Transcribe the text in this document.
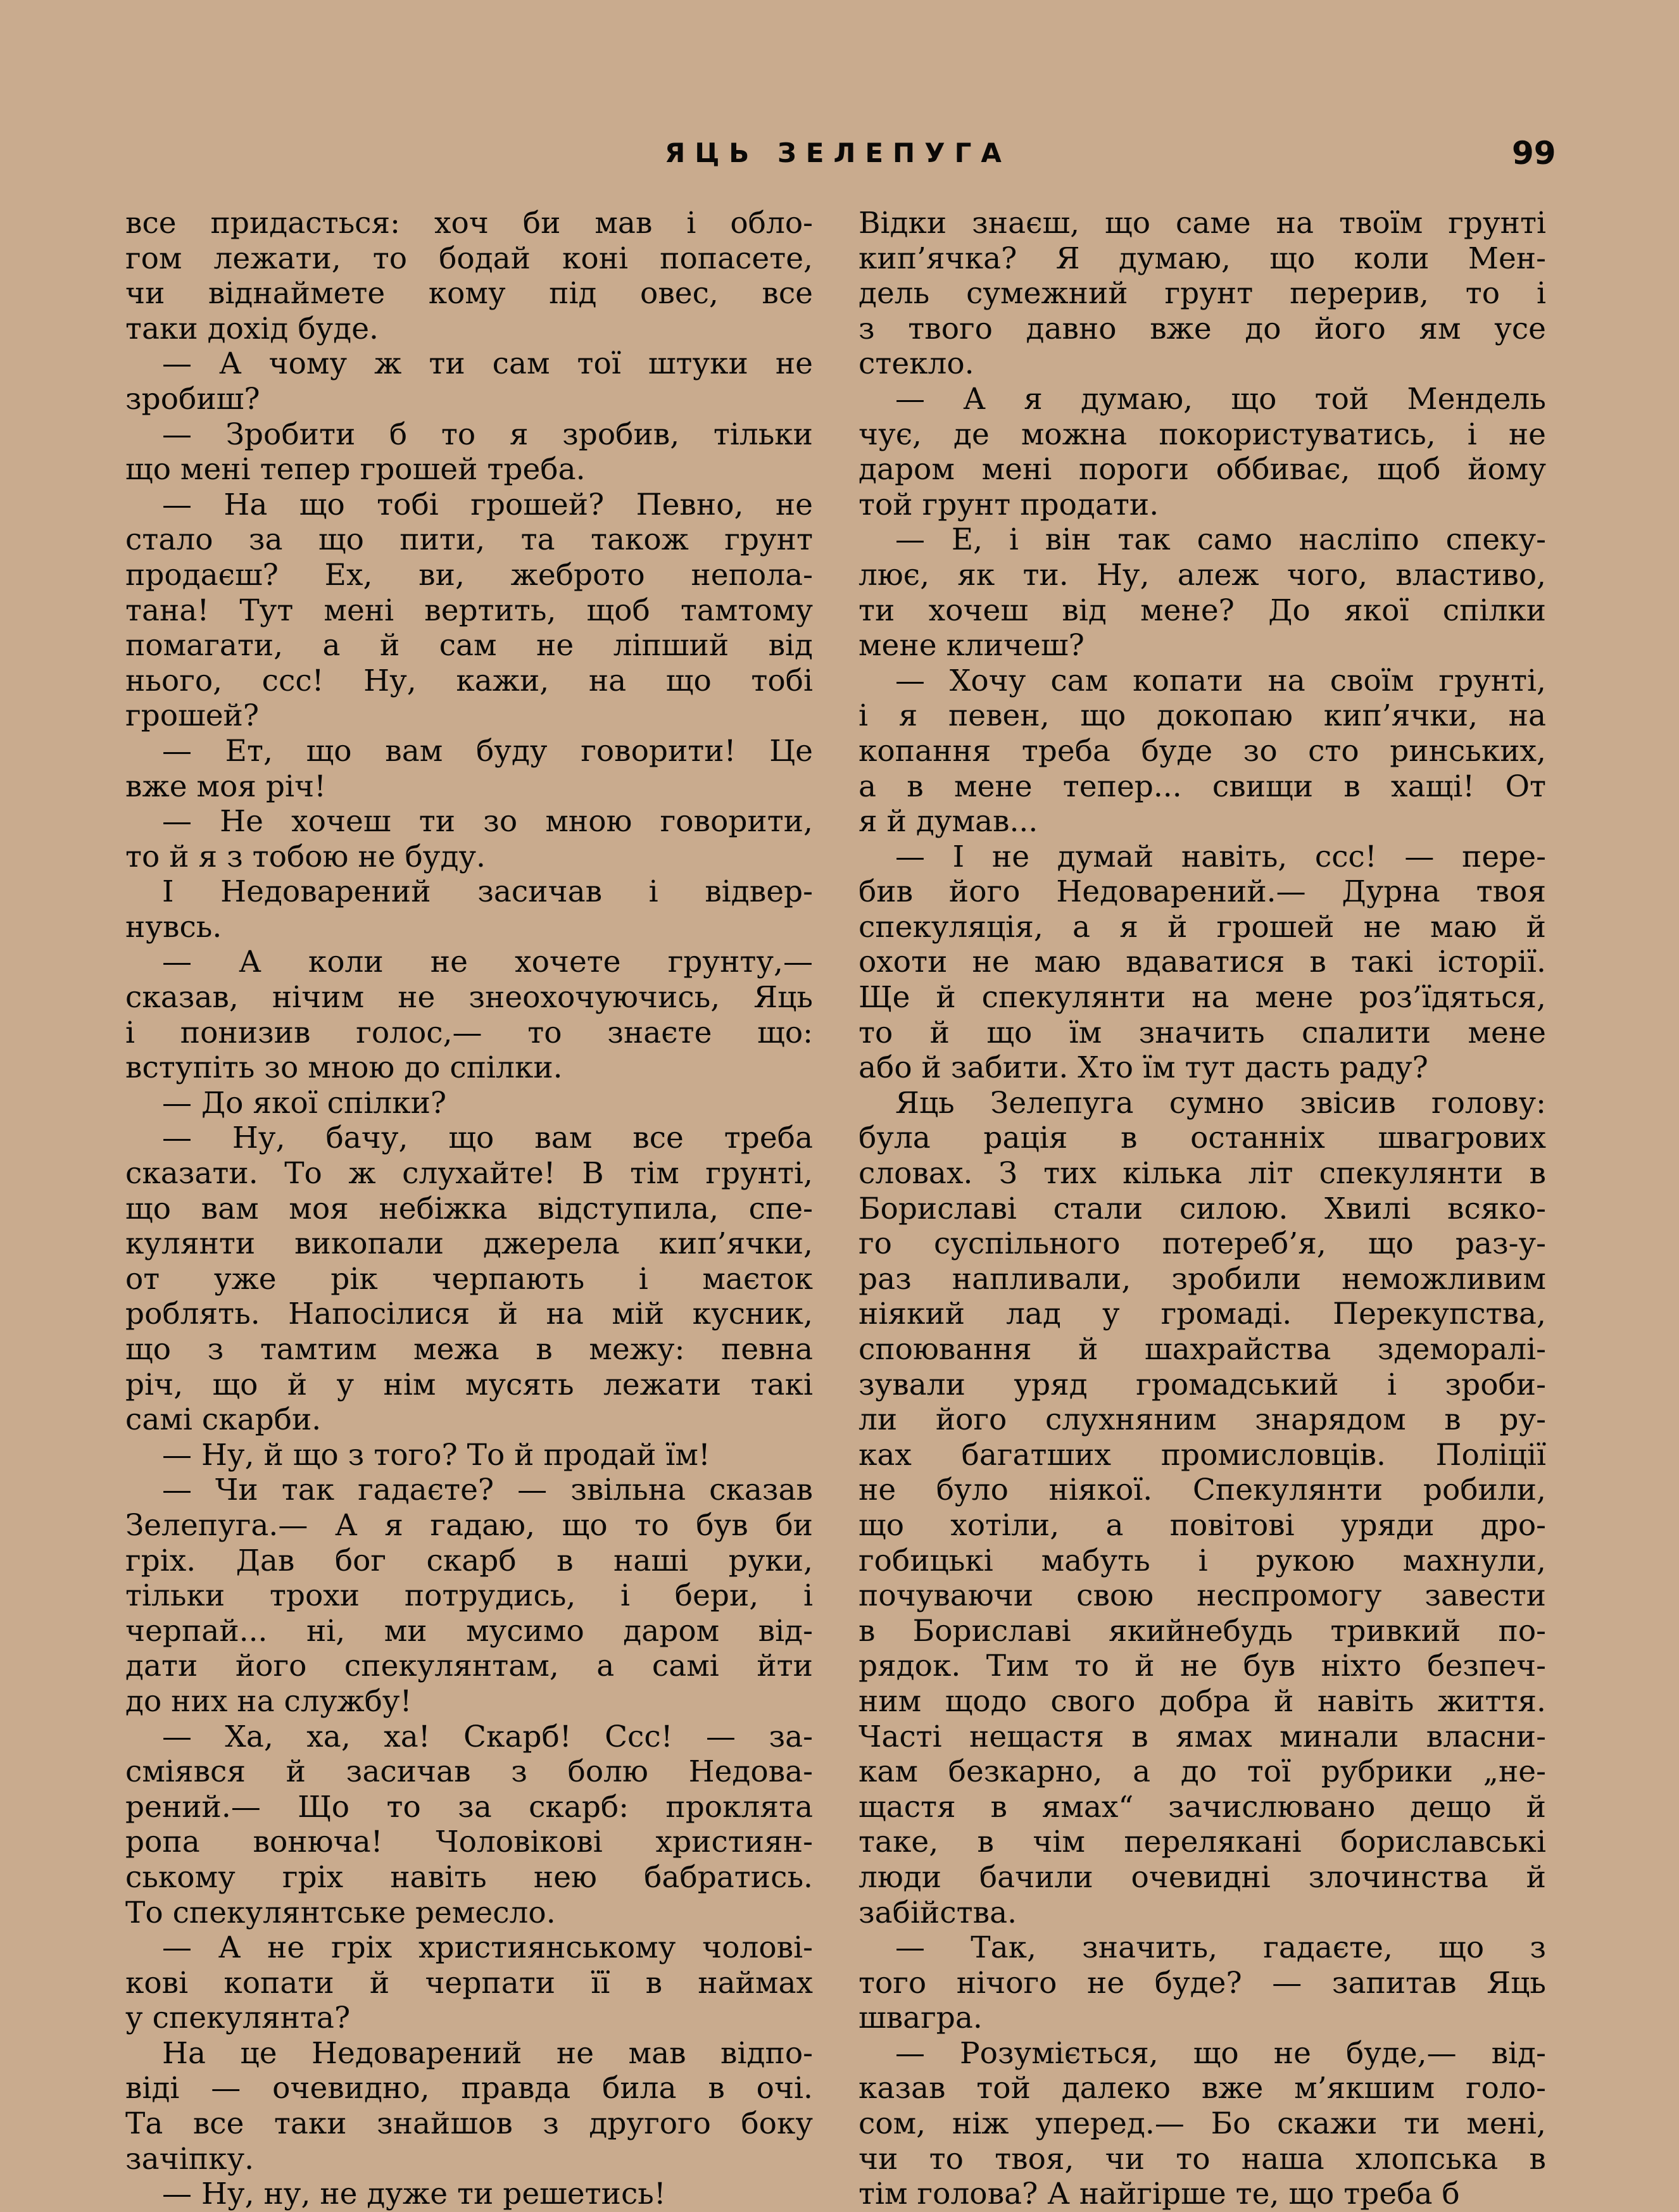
ЯЦЬ ЗЕЛЕПУГА	99

все придасться: хоч би мав і обло-
гом лежати, то бодай коні попасете,
чи віднаймете кому під овес, все
таки дохід буде.

— А чому ж ти сам тої штуки не
зробиш?

— Зробити б то я зробив, тільки
що мені тепер грошей треба.

— На що тобі грошей? Певно, не
стало за що пити, та також грунт
продаєш? Ех, ви, жеброто непола-
тана! Тут мені вертить, щоб тамтому
помагати, а й сам не ліпший від
нього, ссс! Ну, кажи, на що тобі
грошей?

— Ет, що вам буду говорити! Це
вже моя річ!

— Не хочеш ти зо мною говорити,
то й я з тобою не буду.

І Недоварений засичав і відвер-
нувсь.

— А коли не хочете грунту,—
сказав, нічим не знеохочуючись, Яць
і понизив голос,— то знаєте що:
вступіть зо мною до спілки.

— До якої спілки?

— Ну, бачу, що вам все треба
сказати. То ж слухайте! В тім грунті,
що вам моя небіжка відступила, спе-
кулянти викопали джерела кип’ячки,
от уже рік черпають і маєток
роблять. Напосілися й на мій кусник,
що з тамтим межа в межу: певна
річ, що й у нім мусять лежати такі
самі скарби.

— Ну, й що з того? То й продай їм!

— Чи так гадаєте? — звільна сказав
Зелепуга.— А я гадаю, що то був би
гріх. Дав бог скарб в наші руки,
тільки трохи потрудись, і бери, і
черпай... ні, ми мусимо даром від-
дати його спекулянтам, а самі йти
до них на службу!

— Ха, ха, ха! Скарб! Ссс! — за-
сміявся й засичав з болю Недова-
рений.— Що то за скарб: проклята
ропа вонюча! Чоловікові християн-
ському гріх навіть нею бабратись.
То спекулянтське ремесло.

— А не гріх християнському чолові-
кові копати й черпати її в наймах
у спекулянта?

На це Недоварений не мав відпо-
віді — очевидно, правда била в очі.
Та все таки знайшов з другого боку
зачіпку.

— Ну, ну, не дуже ти решетись!

Відки знаєш, що саме на твоїм грунті
кип’ячка? Я думаю, що коли Мен-
дель сумежний грунт перерив, то і
з твого давно вже до його ям усе
стекло.

— А я думаю, що той Мендель
чує, де можна покористуватись, і не
даром мені пороги оббиває, щоб йому
той грунт продати.

— Е, і він так само насліпо спеку-
лює, як ти. Ну, алеж чого, властиво,
ти хочеш від мене? До якої спілки
мене кличеш?

— Хочу сам копати на своїм грунті,
і я певен, що докопаю кип’ячки, на
копання треба буде зо сто ринських,
а в мене тепер... свищи в хащі! От
я й думав...

— І не думай навіть, ссс! — пере-
бив його Недоварений.— Дурна твоя
спекуляція, а я й грошей не маю й
охоти не маю вдаватися в такі історії.
Ще й спекулянти на мене роз’їдяться,
то й що їм значить спалити мене
або й забити. Хто їм тут дасть раду?

Яць Зелепуга сумно звісив голову:
була рація в останніх швагрових
словах. З тих кілька літ спекулянти в
Бориславі стали силою. Хвилі всяко-
го суспільного потереб’я, що раз-у-
раз напливали, зробили неможливим
ніякий лад у громаді. Перекупства,
споювання й шахрайства здеморалі-
зували уряд громадський і зроби-
ли його слухняним знарядом в ру-
ках багатших промисловців. Поліції
не було ніякої. Спекулянти робили,
що хотіли, а повітові уряди дро-
гобицькі мабуть і рукою махнули,
почуваючи свою неспромогу завести
в Бориславі якийнебудь тривкий по-
рядок. Тим то й не був ніхто безпеч-
ним щодо свого добра й навіть життя.
Часті нещастя в ямах минали власни-
кам безкарно, а до тої рубрики „не-
щастя в ямах“ зачислювано дещо й
таке, в чім перелякані бориславські
люди бачили очевидні злочинства й
забійства.

— Так, значить, гадаєте, що з
того нічого не буде? — запитав Яць
швагра.

— Розуміється, що не буде,— від-
казав той далеко вже м’якшим голо-
сом, ніж уперед.— Бо скажи ти мені,
чи то твоя, чи то наша хлопська в
тім голова? А найгірше те, що треба б
